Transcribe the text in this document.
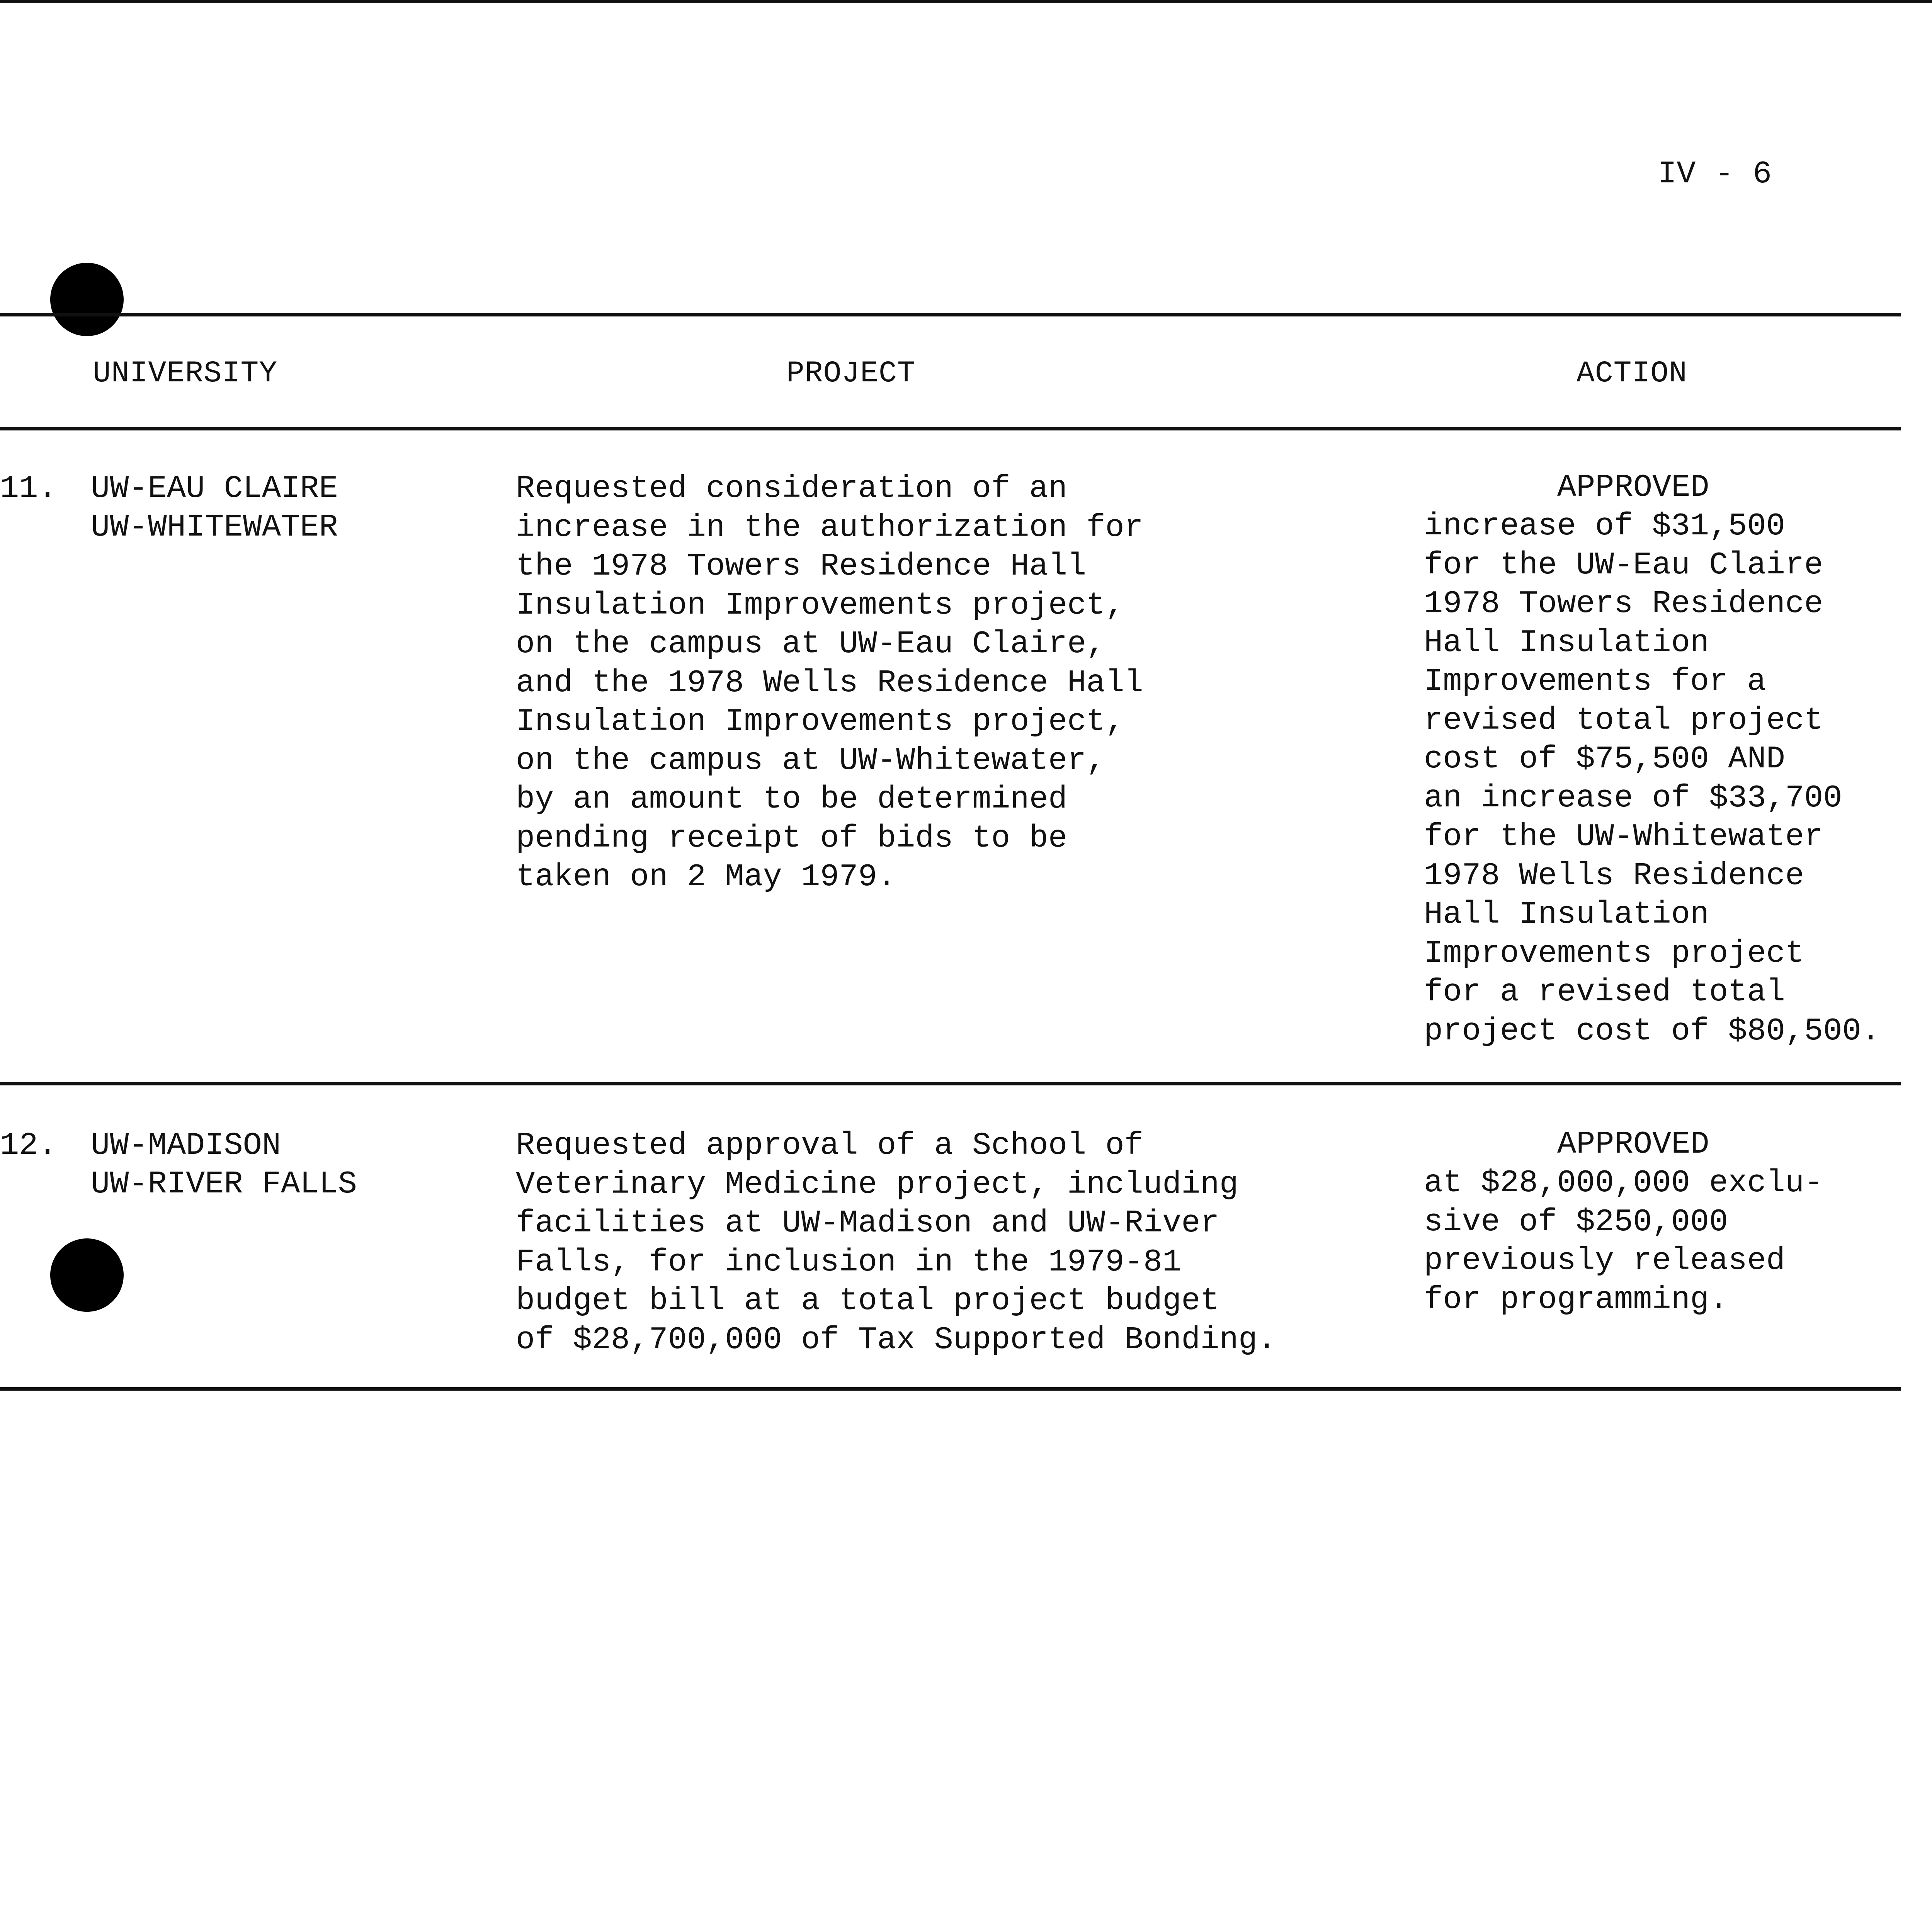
IV - 6
UNIVERSITY	PROJECT	ACTION
11. UW-EAU CLAIRE
UW-WHITEWATER
Requested consideration of an
increase in the authorization for
the 1978 Towers Residence Hall
Insulation Improvements project,
on the campus at UW-Eau Claire,
and the 1978 Wells Residence Hall
Insulation Improvements project,
on the campus at UW-Whitewater,
by an amount to be determined
pending receipt of bids to be
taken on 2 May 1979.
APPROVED
increase of $31,500
for the UW-Eau Claire
1978 Towers Residence
Hall Insulation
Improvements for a
revised total project
cost of $75,500 AND
an increase of $33,700
for the UW-Whitewater
1978 Wells Residence
Hall Insulation
Improvements project
for a revised total
project cost of $80,500.
12. UW-MADISON
UW-RIVER FALLS
Requested approval of a School of
Veterinary Medicine project, including
facilities at UW-Madison and UW-River
Falls, for inclusion in the 1979-81
budget bill at a total project budget
of $28,700,000 of Tax Supported Bonding.
APPROVED
at $28,000,000 exclu-
sive of $250,000
previously released
for programming.
